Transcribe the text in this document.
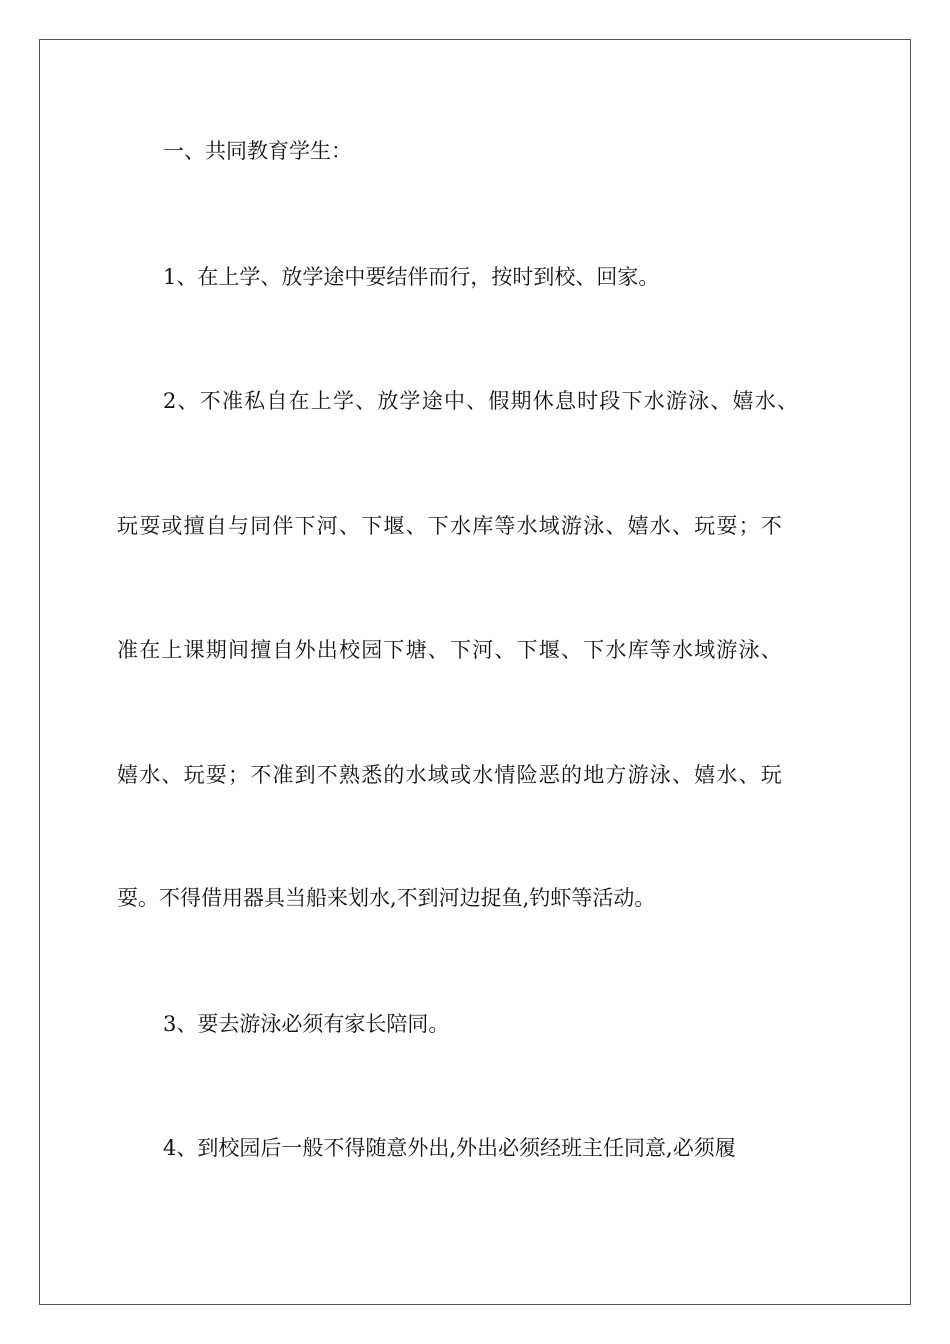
一、共同教育学生：
1、在上学、放学途中要结伴而行，按时到校、回家。
2、不准私自在上学、放学途中、假期休息时段下水游泳、嬉水、
玩耍或擅自与同伴下河、下堰、下水库等水域游泳、嬉水、玩耍；不
准在上课期间擅自外出校园下塘、下河、下堰、下水库等水域游泳、
嬉水、玩耍；不准到不熟悉的水域或水情险恶的地方游泳、嬉水、玩
耍。不得借用器具当船来划水,不到河边捉鱼,钓虾等活动。
3、要去游泳必须有家长陪同。
4、到校园后一般不得随意外出,外出必须经班主任同意,必须履
